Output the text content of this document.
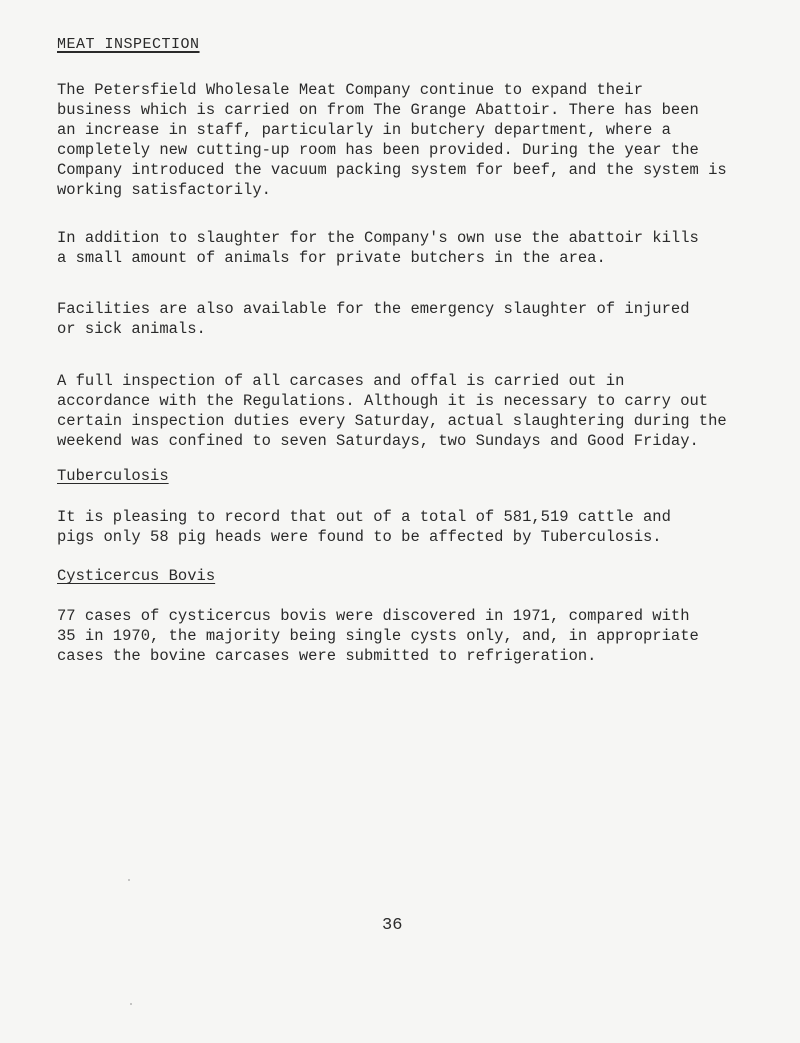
MEAT INSPECTION

The Petersfield Wholesale Meat Company continue to expand their
business which is carried on from The Grange Abattoir. There has been
an increase in staff, particularly in butchery department, where a
completely new cutting-up room has been provided. During the year the
Company introduced the vacuum packing system for beef, and the system is
working satisfactorily.

In addition to slaughter for the Company's own use the abattoir kills
a small amount of animals for private butchers in the area.

Facilities are also available for the emergency slaughter of injured
or sick animals.

A full inspection of all carcases and offal is carried out in
accordance with the Regulations. Although it is necessary to carry out
certain inspection duties every Saturday, actual slaughtering during the
weekend was confined to seven Saturdays, two Sundays and Good Friday.

Tuberculosis

It is pleasing to record that out of a total of 581,519 cattle and
pigs only 58 pig heads were found to be affected by Tuberculosis.

Cysticercus Bovis

77 cases of cysticercus bovis were discovered in 1971, compared with
35 in 1970, the majority being single cysts only, and, in appropriate
cases the bovine carcases were submitted to refrigeration.

36
